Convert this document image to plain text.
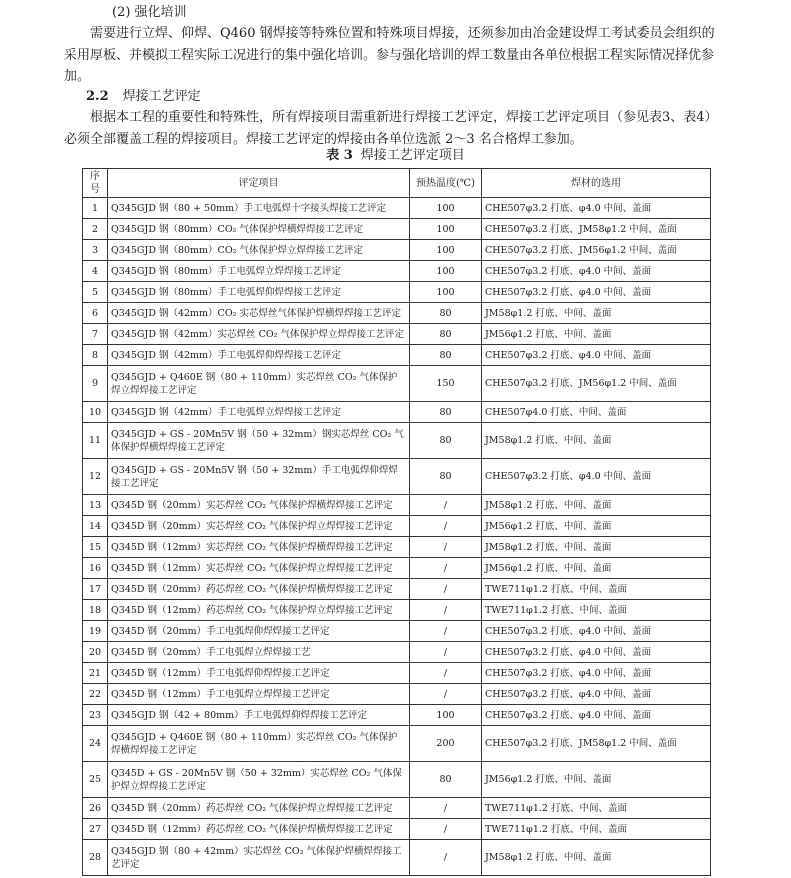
(2) 强化培训

需要进行立焊、仰焊、Q460 钢焊接等特殊位置和特殊项目焊接，还须参加由冶金建设焊工考试委员会组织的采用厚板、并模拟工程实际工况进行的集中强化培训。参与强化培训的焊工数量由各单位根据工程实际情况择优参加。

2.2 焊接工艺评定

根据本工程的重要性和特殊性，所有焊接项目需重新进行焊接工艺评定，焊接工艺评定项目（参见表3、表4）必须全部覆盖工程的焊接项目。焊接工艺评定的焊接由各单位选派 2～3 名合格焊工参加。

表 3 焊接工艺评定项目
序号	评定项目	预热温度(℃)	焊材的选用
1	Q345GJD 钢（80 + 50mm）手工电弧焊十字接头焊接工艺评定	100	CHE507φ3.2 打底、φ4.0 中间、盖面
2	Q345GJD 钢（80mm）CO₂ 气体保护焊横焊焊接工艺评定	100	CHE507φ3.2 打底、JM58φ1.2 中间、盖面
3	Q345GJD 钢（80mm）CO₂ 气体保护焊立焊焊接工艺评定	100	CHE507φ3.2 打底、JM56φ1.2 中间、盖面
4	Q345GJD 钢（80mm）手工电弧焊立焊焊接工艺评定	100	CHE507φ3.2 打底、φ4.0 中间、盖面
5	Q345GJD 钢（80mm）手工电弧焊仰焊焊接工艺评定	100	CHE507φ3.2 打底、φ4.0 中间、盖面
6	Q345GJD 钢（42mm）CO₂ 实芯焊丝气体保护焊横焊焊接工艺评定	80	JM58φ1.2 打底、中间、盖面
7	Q345GJD 钢（42mm）实芯焊丝 CO₂ 气体保护焊立焊焊接工艺评定	80	JM56φ1.2 打底、中间、盖面
8	Q345GJD 钢（42mm）手工电弧焊仰焊焊接工艺评定	80	CHE507φ3.2 打底、φ4.0 中间、盖面
9	Q345GJD + Q460E 钢（80 + 110mm）实芯焊丝 CO₂ 气体保护焊立焊焊接工艺评定	150	CHE507φ3.2 打底、JM56φ1.2 中间、盖面
10	Q345GJD 钢（42mm）手工电弧焊立焊焊接工艺评定	80	CHE507φ4.0 打底、中间、盖面
11	Q345GJD + GS - 20Mn5V 钢（50 + 32mm）钢实芯焊丝 CO₂ 气体保护焊横焊焊接工艺评定	80	JM58φ1.2 打底、中间、盖面
12	Q345GJD + GS - 20Mn5V 钢（50 + 32mm）手工电弧焊仰焊焊接工艺评定	80	CHE507φ3.2 打底、φ4.0 中间、盖面
13	Q345D 钢（20mm）实芯焊丝 CO₂ 气体保护焊横焊焊接工艺评定	/	JM58φ1.2 打底、中间、盖面
14	Q345D 钢（20mm）实芯焊丝 CO₂ 气体保护焊立焊焊接工艺评定	/	JM56φ1.2 打底、中间、盖面
15	Q345D 钢（12mm）实芯焊丝 CO₂ 气体保护焊横焊焊接工艺评定	/	JM58φ1.2 打底、中间、盖面
16	Q345D 钢（12mm）实芯焊丝 CO₂ 气体保护焊立焊焊接工艺评定	/	JM56φ1.2 打底、中间、盖面
17	Q345D 钢（20mm）药芯焊丝 CO₂ 气体保护焊横焊焊接工艺评定	/	TWE711φ1.2 打底、中间、盖面
18	Q345D 钢（12mm）药芯焊丝 CO₂ 气体保护焊立焊焊接工艺评定	/	TWE711φ1.2 打底、中间、盖面
19	Q345D 钢（20mm）手工电弧焊仰焊焊接工艺评定	/	CHE507φ3.2 打底、φ4.0 中间、盖面
20	Q345D 钢（20mm）手工电弧焊立焊焊接工艺	/	CHE507φ3.2 打底、φ4.0 中间、盖面
21	Q345D 钢（12mm）手工电弧焊仰焊焊接工艺评定	/	CHE507φ3.2 打底、φ4.0 中间、盖面
22	Q345D 钢（12mm）手工电弧焊立焊焊接工艺评定	/	CHE507φ3.2 打底、φ4.0 中间、盖面
23	Q345GJD 钢（42 + 80mm）手工电弧焊仰焊焊接工艺评定	100	CHE507φ3.2 打底、φ4.0 中间、盖面
24	Q345GJD + Q460E 钢（80 + 110mm）实芯焊丝 CO₂ 气体保护焊横焊焊接工艺评定	200	CHE507φ3.2 打底、JM58φ1.2 中间、盖面
25	Q345D + GS - 20Mn5V 钢（50 + 32mm）实芯焊丝 CO₂ 气体保护焊立焊焊接工艺评定	80	JM56φ1.2 打底、中间、盖面
26	Q345D 钢（20mm）药芯焊丝 CO₂ 气体保护焊立焊焊接工艺评定	/	TWE711φ1.2 打底、中间、盖面
27	Q345D 钢（12mm）药芯焊丝 CO₂ 气体保护焊横焊焊接工艺评定	/	TWE711φ1.2 打底、中间、盖面
28	Q345GJD 钢（80 + 42mm）实芯焊丝 CO₂ 气体保护焊横焊焊接工艺评定	/	JM58φ1.2 打底、中间、盖面
